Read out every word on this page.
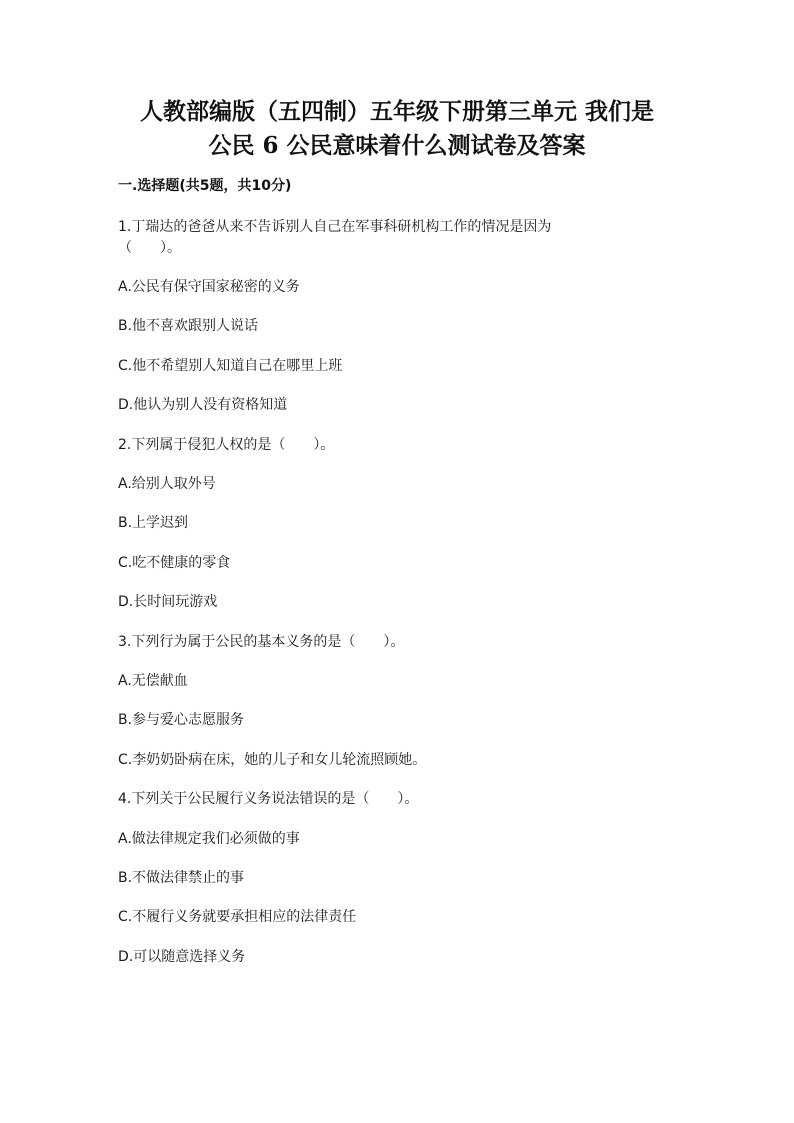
人教部编版（五四制）五年级下册第三单元 我们是
公民 6 公民意味着什么测试卷及答案
一.选择题(共5题，共10分)
1.丁瑞达的爸爸从来不告诉别人自己在军事科研机构工作的情况是因为
（　　）。
A.公民有保守国家秘密的义务
B.他不喜欢跟别人说话
C.他不希望别人知道自己在哪里上班
D.他认为别人没有资格知道
2.下列属于侵犯人权的是（　　）。
A.给别人取外号
B.上学迟到
C.吃不健康的零食
D.长时间玩游戏
3.下列行为属于公民的基本义务的是（　　）。
A.无偿献血
B.参与爱心志愿服务
C.李奶奶卧病在床，她的儿子和女儿轮流照顾她。
4.下列关于公民履行义务说法错误的是（　　）。
A.做法律规定我们必须做的事
B.不做法律禁止的事
C.不履行义务就要承担相应的法律责任
D.可以随意选择义务
